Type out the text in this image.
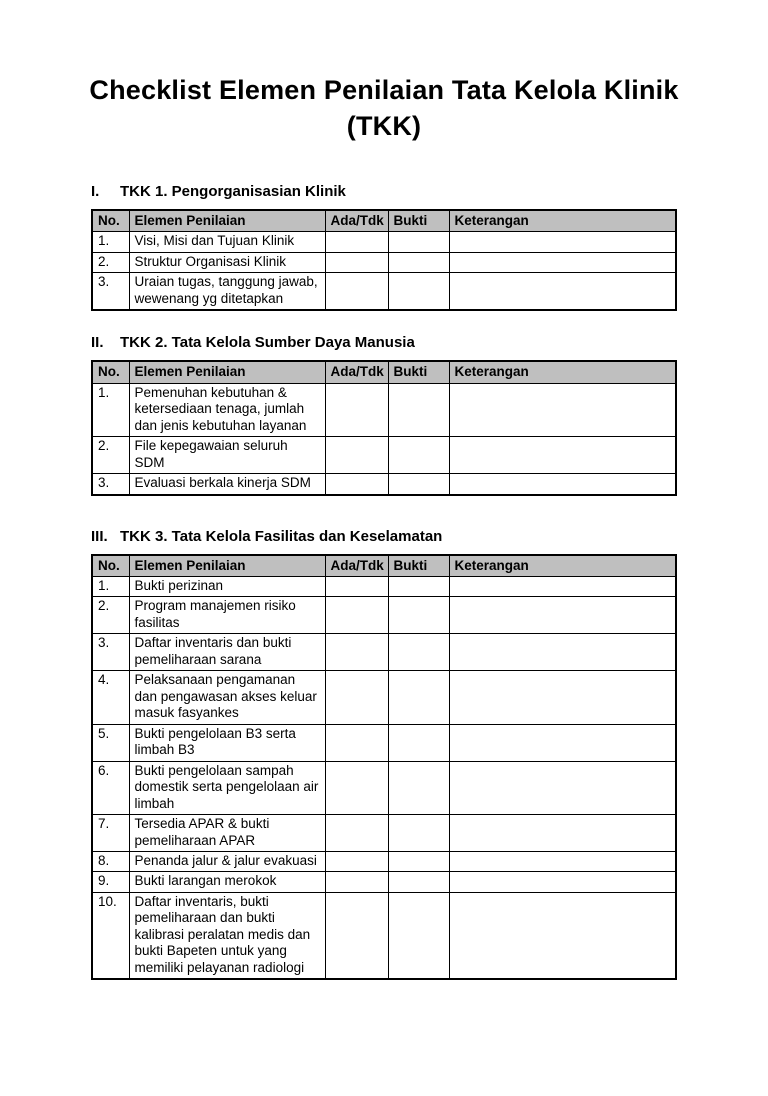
Checklist Elemen Penilaian Tata Kelola Klinik
(TKK)
I.	TKK 1. Pengorganisasian Klinik
No.	Elemen Penilaian	Ada/Tdk	Bukti	Keterangan
1.	Visi, Misi dan Tujuan Klinik			
2.	Struktur Organisasi Klinik			
3.	Uraian tugas, tanggung jawab, wewenang yg ditetapkan			
II.	TKK 2. Tata Kelola Sumber Daya Manusia
No.	Elemen Penilaian	Ada/Tdk	Bukti	Keterangan
1.	Pemenuhan kebutuhan & ketersediaan tenaga, jumlah dan jenis kebutuhan layanan			
2.	File kepegawaian seluruh SDM			
3.	Evaluasi berkala kinerja SDM			
III. TKK 3. Tata Kelola Fasilitas dan Keselamatan
No.	Elemen Penilaian	Ada/Tdk	Bukti	Keterangan
1.	Bukti perizinan			
2.	Program manajemen risiko fasilitas			
3.	Daftar inventaris dan bukti pemeliharaan sarana			
4.	Pelaksanaan pengamanan dan pengawasan akses keluar masuk fasyankes			
5.	Bukti pengelolaan B3 serta limbah B3			
6.	Bukti pengelolaan sampah domestik serta pengelolaan air limbah			
7.	Tersedia APAR & bukti pemeliharaan APAR			
8.	Penanda jalur & jalur evakuasi			
9.	Bukti larangan merokok			
10.	Daftar inventaris, bukti pemeliharaan dan bukti kalibrasi peralatan medis dan bukti Bapeten untuk yang memiliki pelayanan radiologi			
